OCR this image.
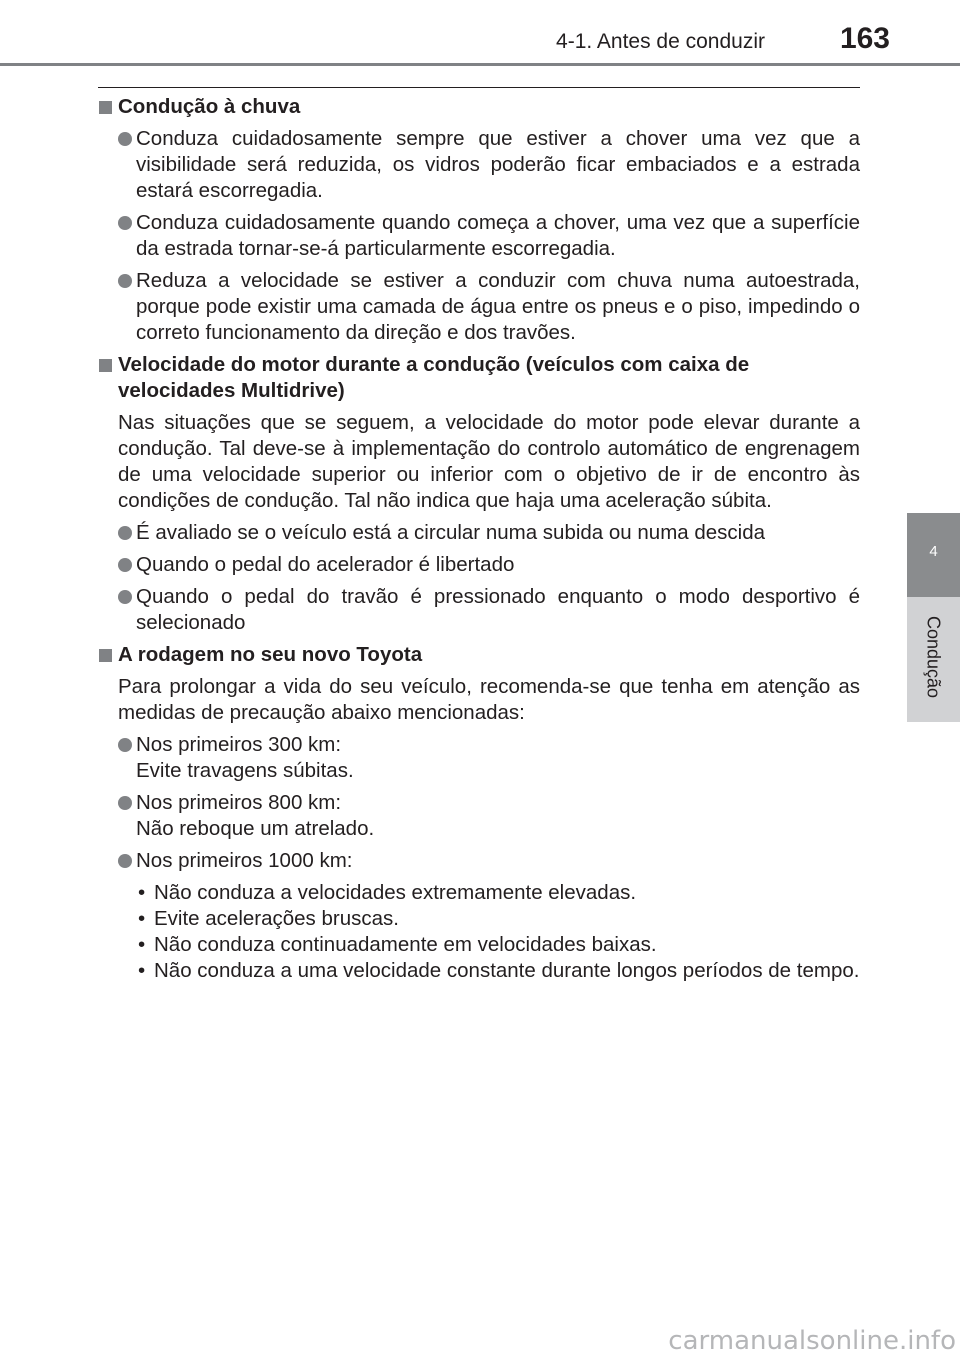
4-1. Antes de conduzir 163
4
Condução
Condução à chuva
Conduza cuidadosamente sempre que estiver a chover uma vez que a visibilidade será reduzida, os vidros poderão ficar embaciados e a estrada estará escorregadia.
Conduza cuidadosamente quando começa a chover, uma vez que a superfície da estrada tornar-se-á particularmente escorregadia.
Reduza a velocidade se estiver a conduzir com chuva numa autoestrada, porque pode existir uma camada de água entre os pneus e o piso, impedindo o correto funcionamento da direção e dos travões.
Velocidade do motor durante a condução (veículos com caixa de velocidades Multidrive)
Nas situações que se seguem, a velocidade do motor pode elevar durante a condução. Tal deve-se à implementação do controlo automático de engrenagem de uma velocidade superior ou inferior com o objetivo de ir de encontro às condições de condução. Tal não indica que haja uma aceleração súbita.
É avaliado se o veículo está a circular numa subida ou numa descida
Quando o pedal do acelerador é libertado
Quando o pedal do travão é pressionado enquanto o modo desportivo é selecionado
A rodagem no seu novo Toyota
Para prolongar a vida do seu veículo, recomenda-se que tenha em atenção as medidas de precaução abaixo mencionadas:
Nos primeiros 300 km:
Evite travagens súbitas.
Nos primeiros 800 km:
Não reboque um atrelado.
Nos primeiros 1000 km:
• Não conduza a velocidades extremamente elevadas.
• Evite acelerações bruscas.
• Não conduza continuadamente em velocidades baixas.
• Não conduza a uma velocidade constante durante longos períodos de tempo.
carmanualsonline.info
